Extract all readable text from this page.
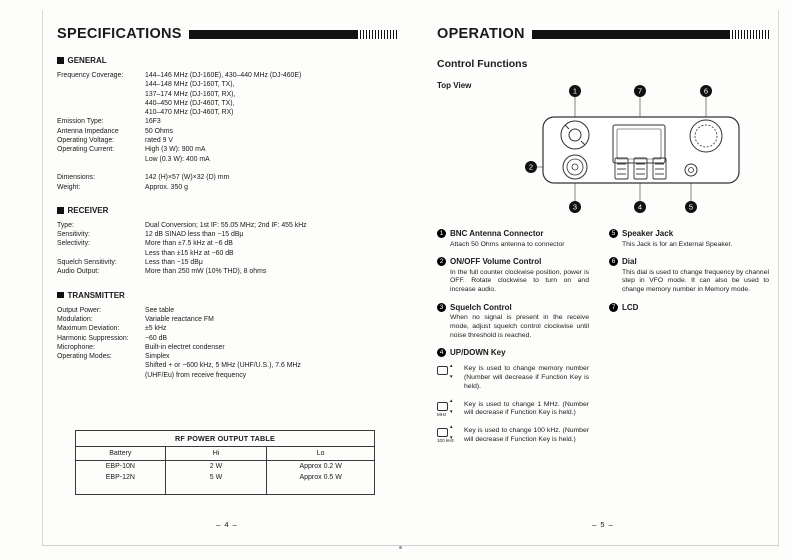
SPECIFICATIONS
GENERAL
Frequency Coverage:	144–146 MHz (DJ-160E), 430–440 MHz (DJ-460E)
144–148 MHz (DJ-160T, TX),
137–174 MHz (DJ-160T, RX),
440–450 MHz (DJ-460T, TX),
410–470 MHz (DJ-460T, RX)
Emission Type:	16F3
Antenna Impedance	50 Ohms
Operating Voltage:	rated 9 V
Operating Current:	High (3 W): 900 mA
Low (0.3 W): 400 mA
Dimensions:	142 (H)×57 (W)×32 (D) mm
Weight:	Approx. 350 g
RECEIVER
Type:	Dual Conversion; 1st IF: 55.05 MHz; 2nd IF: 455 kHz
Sensitivity:	12 dB SINAD less than −15 dBμ
Selectivity:	More than ±7.5 kHz at −6 dB
Less than ±15 kHz at −60 dB
Squelch Sensitivity:	Less than −15 dBμ
Audio Output:	More than 250 mW (10% THD), 8 ohms
TRANSMITTER
Output Power:	See table
Modulation:	Variable reactance FM
Maximum Deviation:	±5 kHz
Harmonic Suppression:	−60 dB
Microphone:	Built-in electret condenser
Operating Modes:	Simplex
Shifted + or −600 kHz, 5 MHz (UHF/U.S.), 7.6 MHz
(UHF/Eu) from receive frequency
RF POWER OUTPUT TABLE		
Battery	Hi	Lo
EBP-10N	2 W	Approx 0.2 W
EBP-12N	5 W	Approx 0.5 W
– 4 –
OPERATION
Control Functions
Top View
1	7	6
2
3	4	5
1 BNC Antenna Connector
Attach 50 Ohms antenna to connector
2 ON/OFF Volume Control
In the full counter clockwise position, power is OFF. Rotate clockwise to turn on and increase audio.
3 Squelch Control
When no signal is present in the receive mode, adjust squelch control clockwise until noise threshold is reached.
4 UP/DOWN Key
▲ ▼
Key is used to change memory number (Number will decrease if Function Key is held).
▲ ▼
MHz
Key is used to change 1 MHz. (Number will decrease if Function Key is held.)
▲ ▼
100 kHz
Key is used to change 100 kHz. (Number will decrease if Function Key is held.)
5 Speaker Jack
This Jack is for an External Speaker.
6 Dial
This dial is used to change frequency by channel step in VFO mode. It can also be used to change memory number in Memory mode.
7 LCD
– 5 –
